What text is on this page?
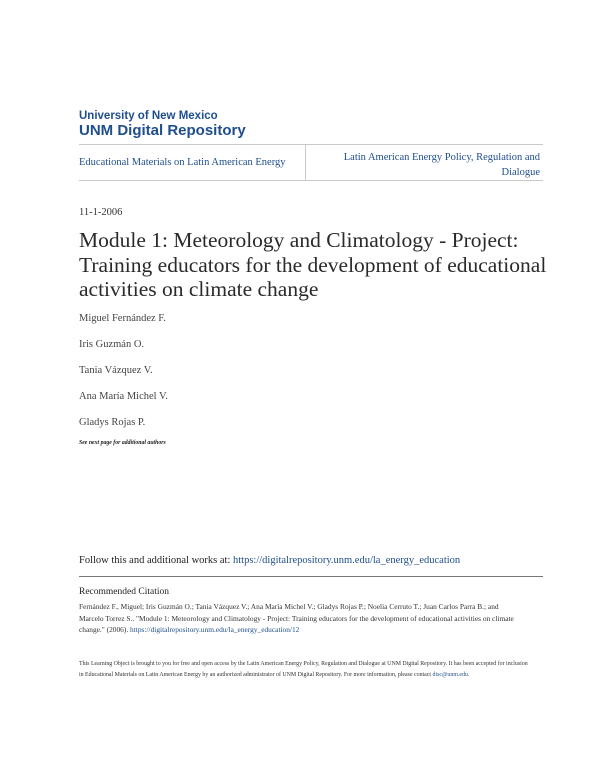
University of New Mexico
UNM Digital Repository
Educational Materials on Latin American Energy	Latin American Energy Policy, Regulation and Dialogue
11-1-2006
Module 1: Meteorology and Climatology - Project: Training educators for the development of educational activities on climate change
Miguel Fernández F.
Iris Guzmán O.
Tania Vázquez V.
Ana María Michel V.
Gladys Rojas P.
See next page for additional authors
Follow this and additional works at: https://digitalrepository.unm.edu/la_energy_education
Recommended Citation
Fernández F., Miguel; Iris Guzmán O.; Tania Vázquez V.; Ana María Michel V.; Gladys Rojas P.; Noelia Cerruto T.; Juan Carlos Parra B.; and Marcelo Torrez S.. "Module 1: Meteorology and Climatology - Project: Training educators for the development of educational activities on climate change." (2006). https://digitalrepository.unm.edu/la_energy_education/12
This Learning Object is brought to you for free and open access by the Latin American Energy Policy, Regulation and Dialogue at UNM Digital Repository. It has been accepted for inclusion in Educational Materials on Latin American Energy by an authorized administrator of UNM Digital Repository. For more information, please contact disc@unm.edu.
